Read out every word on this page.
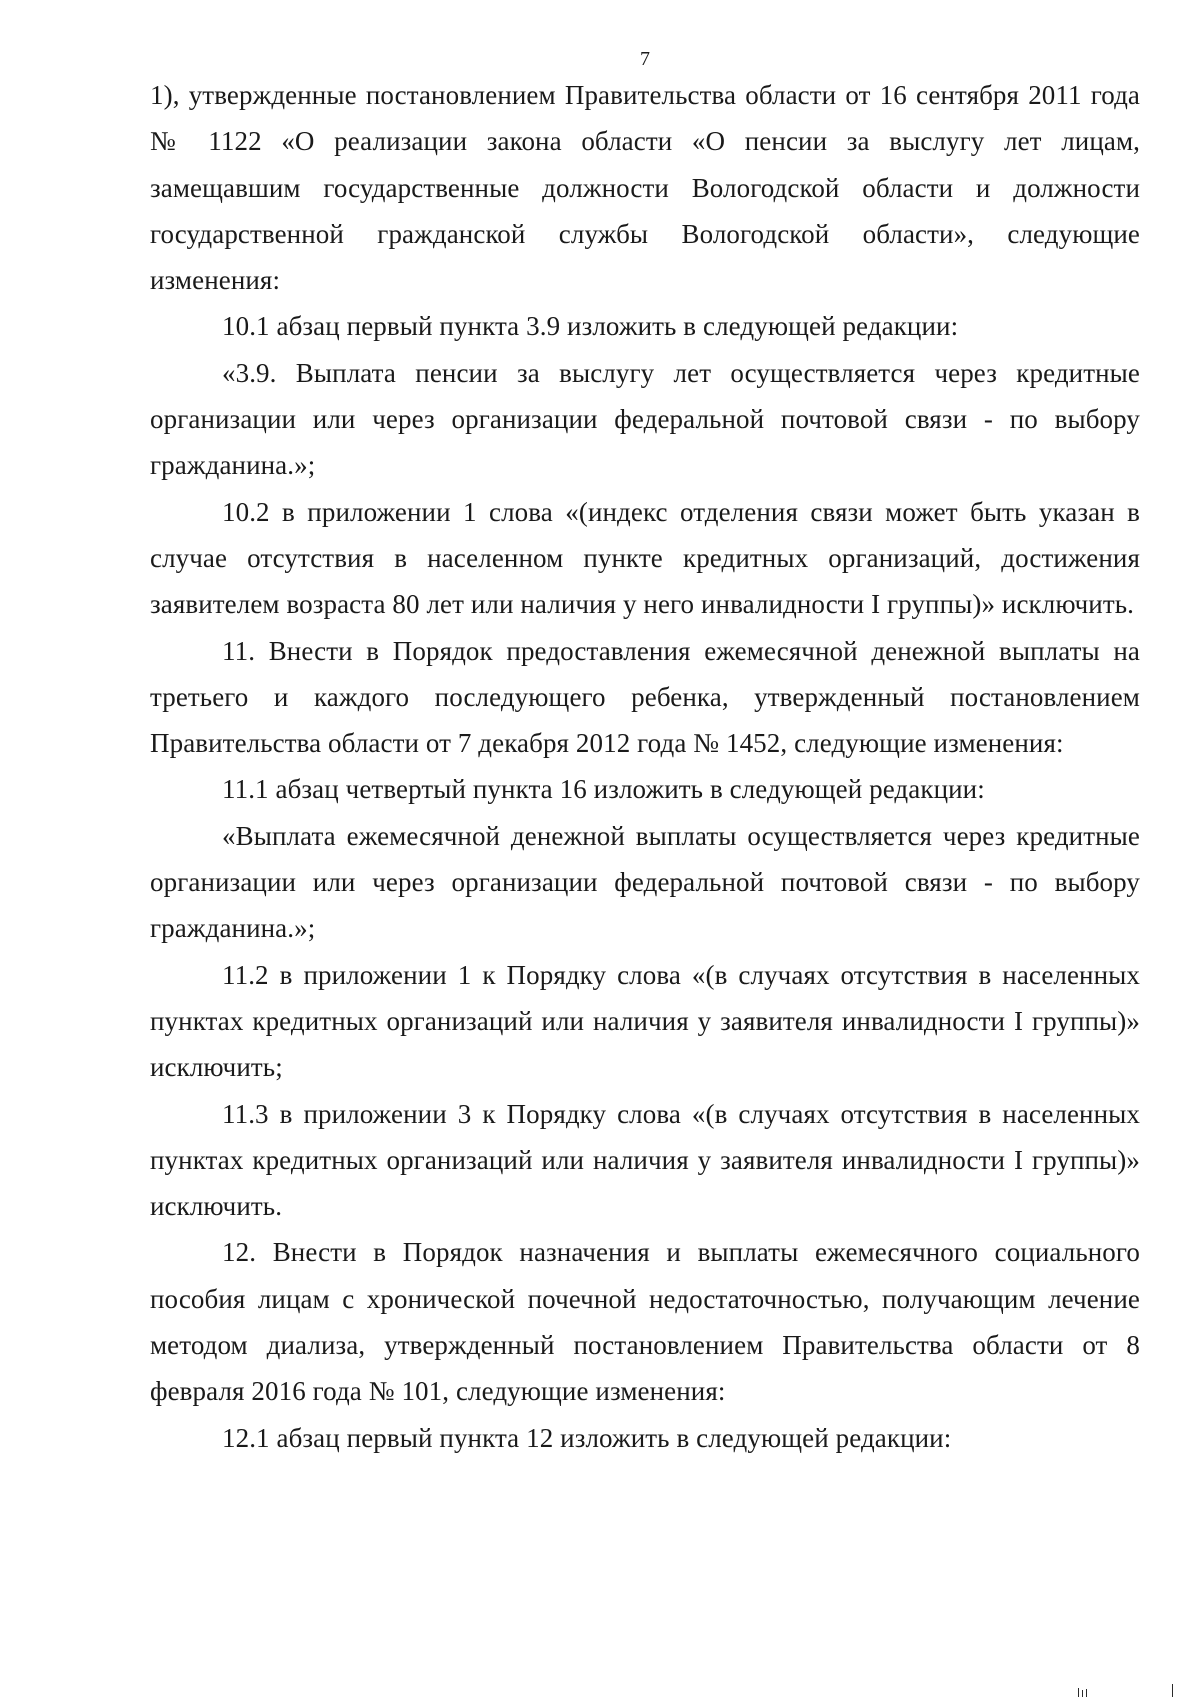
7

1), утвержденные постановлением Правительства области от 16 сентября 2011 года № 1122 «О реализации закона области «О пенсии за выслугу лет лицам, замещавшим государственные должности Вологодской области и должности государственной гражданской службы Вологодской области», следующие изменения:

10.1 абзац первый пункта 3.9 изложить в следующей редакции:

«3.9. Выплата пенсии за выслугу лет осуществляется через кредитные организации или через организации федеральной почтовой связи - по выбору гражданина.»;

10.2 в приложении 1 слова «(индекс отделения связи может быть указан в случае отсутствия в населенном пункте кредитных организаций, достижения заявителем возраста 80 лет или наличия у него инвалидности I группы)» исключить.

11. Внести в Порядок предоставления ежемесячной денежной выплаты на третьего и каждого последующего ребенка, утвержденный постановлением Правительства области от 7 декабря 2012 года № 1452, следующие изменения:

11.1 абзац четвертый пункта 16 изложить в следующей редакции:

«Выплата ежемесячной денежной выплаты осуществляется через кредитные организации или через организации федеральной почтовой связи - по выбору гражданина.»;

11.2 в приложении 1 к Порядку слова «(в случаях отсутствия в населенных пунктах кредитных организаций или наличия у заявителя инвалидности I группы)» исключить;

11.3 в приложении 3 к Порядку слова «(в случаях отсутствия в населенных пунктах кредитных организаций или наличия у заявителя инвалидности I группы)» исключить.

12. Внести в Порядок назначения и выплаты ежемесячного социального пособия лицам с хронической почечной недостаточностью, получающим лечение методом диализа, утвержденный постановлением Правительства области от 8 февраля 2016 года № 101, следующие изменения:

12.1 абзац первый пункта 12 изложить в следующей редакции:
